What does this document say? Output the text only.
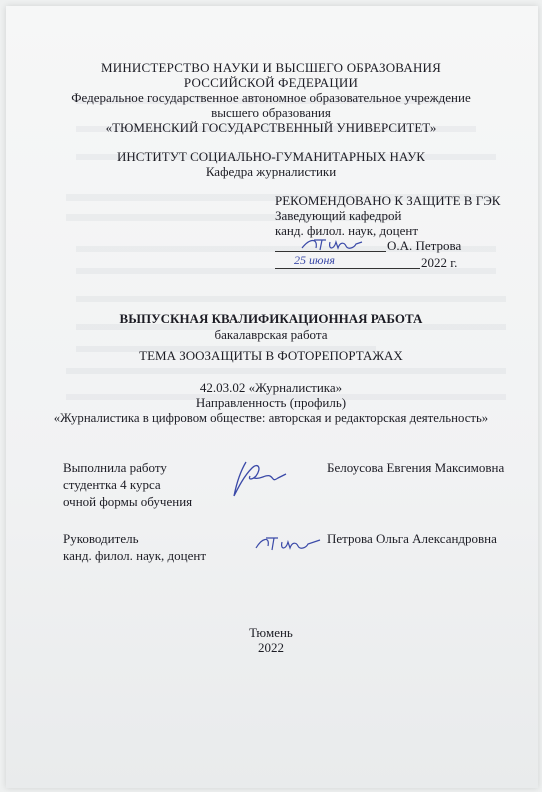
МИНИСТЕРСТВО НАУКИ И ВЫСШЕГО ОБРАЗОВАНИЯ
РОССИЙСКОЙ ФЕДЕРАЦИИ
Федеральное государственное автономное образовательное учреждение
высшего образования
«ТЮМЕНСКИЙ ГОСУДАРСТВЕННЫЙ УНИВЕРСИТЕТ»
ИНСТИТУТ СОЦИАЛЬНО-ГУМАНИТАРНЫХ НАУК
Кафедра журналистики
РЕКОМЕНДОВАНО К ЗАЩИТЕ В ГЭК
Заведующий кафедрой
канд. филол. наук, доцент
О.А. Петрова
25 июня	2022 г.
ВЫПУСКНАЯ КВАЛИФИКАЦИОННАЯ РАБОТА
бакалаврская работа
ТЕМА ЗООЗАЩИТЫ В ФОТОРЕПОРТАЖАХ
42.03.02 «Журналистика»
Направленность (профиль)
«Журналистика в цифровом обществе: авторская и редакторская деятельность»
Выполнила работу
студентка 4 курса
очной формы обучения
Белоусова Евгения Максимовна
Руководитель
канд. филол. наук, доцент
Петрова Ольга Александровна
Тюмень
2022
